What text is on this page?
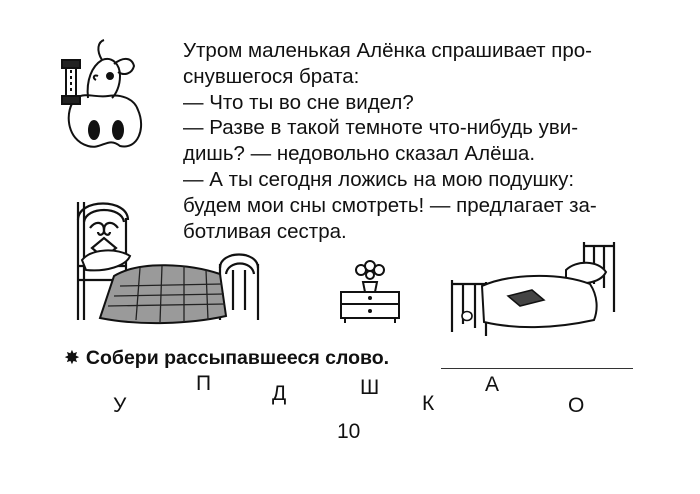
Утром маленькая Алёнка спрашивает про-
снувшегося брата:
— Что ты во сне видел?
— Разве в такой темноте что-нибудь уви-
дишь? — недовольно сказал Алёша.
— А ты сегодня ложись на мою подушку:
будем мои сны смотреть! — предлагает за-
ботливая сестра.
✸ Собери рассыпавшееся слово.
У
П	Д	Ш
К
А
О
10
